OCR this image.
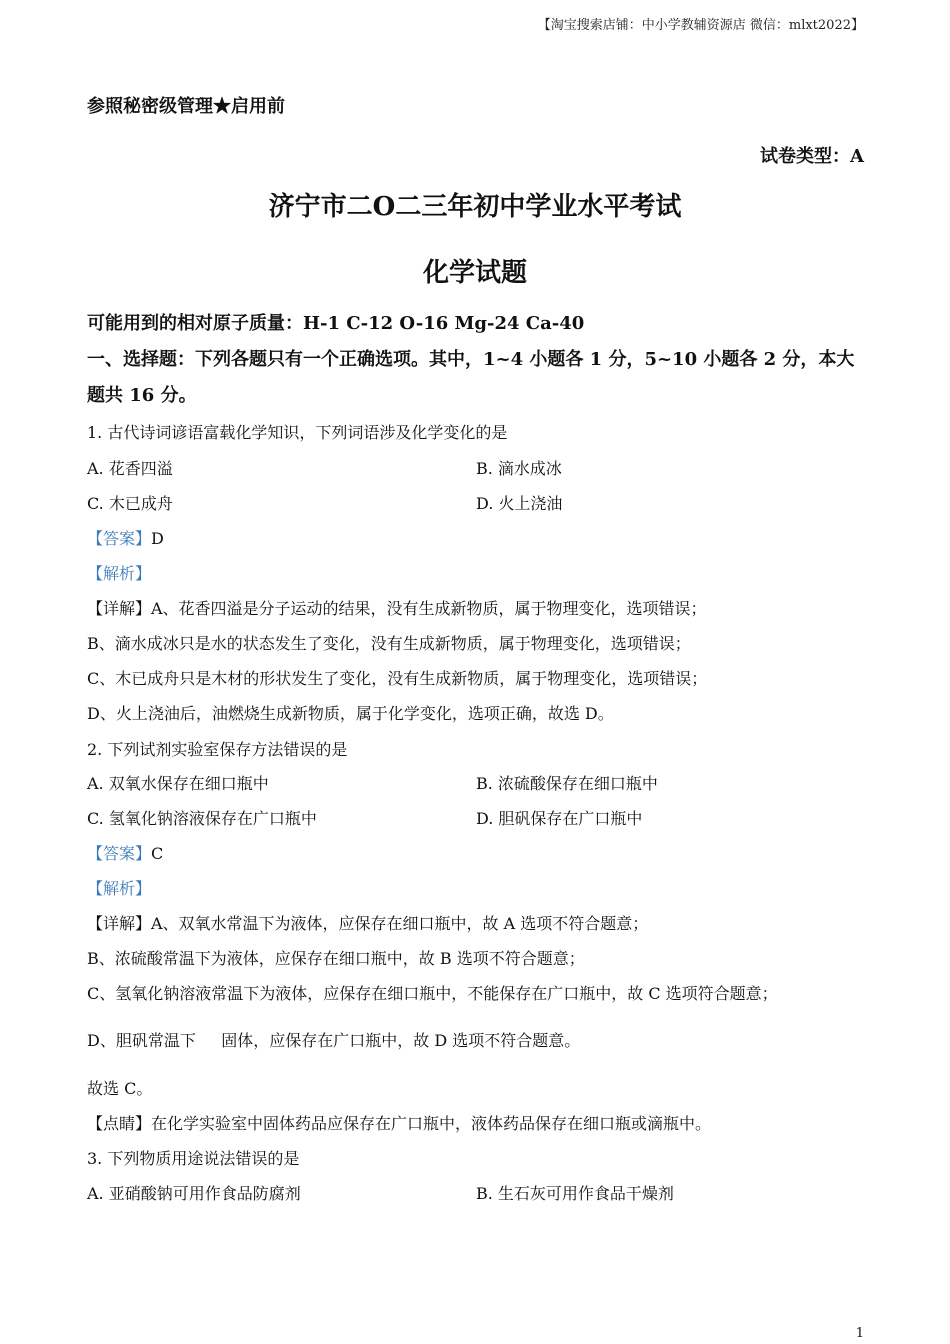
【淘宝搜索店铺：中小学教辅资源店 微信：mlxt2022】
参照秘密级管理★启用前
试卷类型：A
济宁市二O二三年初中学业水平考试
化学试题
可能用到的相对原子质量：H-1 C-12 O-16 Mg-24 Ca-40
一、选择题：下列各题只有一个正确选项。其中，1~4 小题各 1 分，5~10 小题各 2 分，本大
题共 16 分。
1. 古代诗词谚语富载化学知识，下列词语涉及化学变化的是
A. 花香四溢	B. 滴水成冰
C. 木已成舟	D. 火上浇油
【答案】D
【解析】
【详解】A、花香四溢是分子运动的结果，没有生成新物质，属于物理变化，选项错误；
B、滴水成冰只是水的状态发生了变化，没有生成新物质，属于物理变化，选项错误；
C、木已成舟只是木材的形状发生了变化，没有生成新物质，属于物理变化，选项错误；
D、火上浇油后，油燃烧生成新物质，属于化学变化，选项正确，故选 D。
2. 下列试剂实验室保存方法错误的是
A. 双氧水保存在细口瓶中	B. 浓硫酸保存在细口瓶中
C. 氢氧化钠溶液保存在广口瓶中	D. 胆矾保存在广口瓶中
【答案】C
【解析】
【详解】A、双氧水常温下为液体，应保存在细口瓶中，故 A 选项不符合题意；
B、浓硫酸常温下为液体，应保存在细口瓶中，故 B 选项不符合题意；
C、氢氧化钠溶液常温下为液体，应保存在细口瓶中，不能保存在广口瓶中，故 C 选项符合题意；
D、胆矾常温下     固体，应保存在广口瓶中，故 D 选项不符合题意。
故选 C。
【点睛】在化学实验室中固体药品应保存在广口瓶中，液体药品保存在细口瓶或滴瓶中。
3. 下列物质用途说法错误的是
A. 亚硝酸钠可用作食品防腐剂	B. 生石灰可用作食品干燥剂
1
